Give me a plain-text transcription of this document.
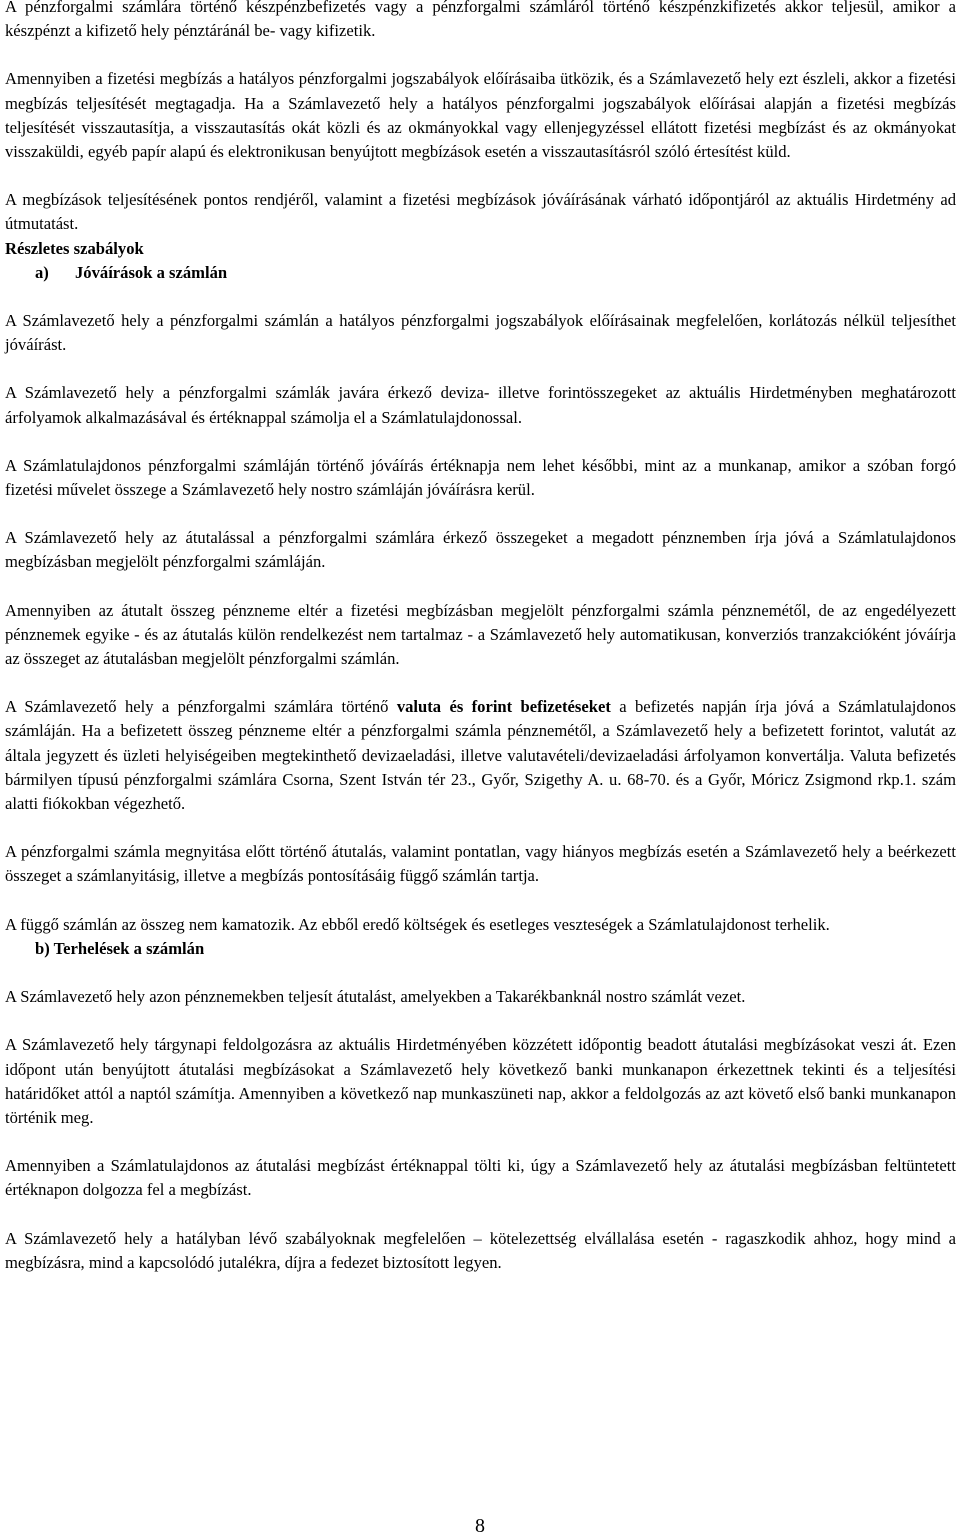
A pénzforgalmi számlára történő készpénzbefizetés vagy a pénzforgalmi számláról történő készpénzkifizetés akkor teljesül, amikor a készpénzt a kifizető hely pénztáránál be- vagy kifizetik.

Amennyiben a fizetési megbízás a hatályos pénzforgalmi jogszabályok előírásaiba ütközik, és a Számlavezető hely ezt észleli, akkor a fizetési megbízás teljesítését megtagadja. Ha a Számlavezető hely a hatályos pénzforgalmi jogszabályok előírásai alapján a fizetési megbízás teljesítését visszautasítja, a visszautasítás okát közli és az okmányokkal vagy ellenjegyzéssel ellátott fizetési megbízást és az okmányokat visszaküldi, egyéb papír alapú és elektronikusan benyújtott megbízások esetén a visszautasításról szóló értesítést küld.

A megbízások teljesítésének pontos rendjéről, valamint a fizetési megbízások jóváírásának várható időpontjáról az aktuális Hirdetmény ad útmutatást.

Részletes szabályok

a) Jóváírások a számlán

A Számlavezető hely a pénzforgalmi számlán a hatályos pénzforgalmi jogszabályok előírásainak megfelelően, korlátozás nélkül teljesíthet jóváírást.

A Számlavezető hely a pénzforgalmi számlák javára érkező deviza- illetve forintösszegeket az aktuális Hirdetményben meghatározott árfolyamok alkalmazásával és értéknappal számolja el a Számlatulajdonossal.

A Számlatulajdonos pénzforgalmi számláján történő jóváírás értéknapja nem lehet későbbi, mint az a munkanap, amikor a szóban forgó fizetési művelet összege a Számlavezető hely nostro számláján jóváírásra kerül.

A Számlavezető hely az átutalással a pénzforgalmi számlára érkező összegeket a megadott pénznemben írja jóvá a Számlatulajdonos megbízásban megjelölt pénzforgalmi számláján.

Amennyiben az átutalt összeg pénzneme eltér a fizetési megbízásban megjelölt pénzforgalmi számla pénznemétől, de az engedélyezett pénznemek egyike - és az átutalás külön rendelkezést nem tartalmaz - a Számlavezető hely automatikusan, konverziós tranzakcióként jóváírja az összeget az átutalásban megjelölt pénzforgalmi számlán.

A Számlavezető hely a pénzforgalmi számlára történő valuta és forint befizetéseket a befizetés napján írja jóvá a Számlatulajdonos számláján. Ha a befizetett összeg pénzneme eltér a pénzforgalmi számla pénznemétől, a Számlavezető hely a befizetett forintot, valutát az általa jegyzett és üzleti helyiségeiben megtekinthető devizaeladási, illetve valutavételi/devizaeladási árfolyamon konvertálja. Valuta befizetés bármilyen típusú pénzforgalmi számlára Csorna, Szent István tér 23., Győr, Szigethy A. u. 68-70. és a Győr, Móricz Zsigmond rkp.1. szám alatti fiókokban végezhető.

A pénzforgalmi számla megnyitása előtt történő átutalás, valamint pontatlan, vagy hiányos megbízás esetén a Számlavezető hely a beérkezett összeget a számlanyitásig, illetve a megbízás pontosításáig függő számlán tartja.

A függő számlán az összeg nem kamatozik. Az ebből eredő költségek és esetleges veszteségek a Számlatulajdonost terhelik.

b) Terhelések a számlán

A Számlavezető hely azon pénznemekben teljesít átutalást, amelyekben a Takarékbanknál nostro számlát vezet.

A Számlavezető hely tárgynapi feldolgozásra az aktuális Hirdetményében közzétett időpontig beadott átutalási megbízásokat veszi át. Ezen időpont után benyújtott átutalási megbízásokat a Számlavezető hely következő banki munkanapon érkezettnek tekinti és a teljesítési határidőket attól a naptól számítja. Amennyiben a következő nap munkaszüneti nap, akkor a feldolgozás az azt követő első banki munkanapon történik meg.

Amennyiben a Számlatulajdonos az átutalási megbízást értéknappal tölti ki, úgy a Számlavezető hely az átutalási megbízásban feltüntetett értéknapon dolgozza fel a megbízást.

A Számlavezető hely a hatályban lévő szabályoknak megfelelően – kötelezettség elvállalása esetén - ragaszkodik ahhoz, hogy mind a megbízásra, mind a kapcsolódó jutalékra, díjra a fedezet biztosított legyen.

8
